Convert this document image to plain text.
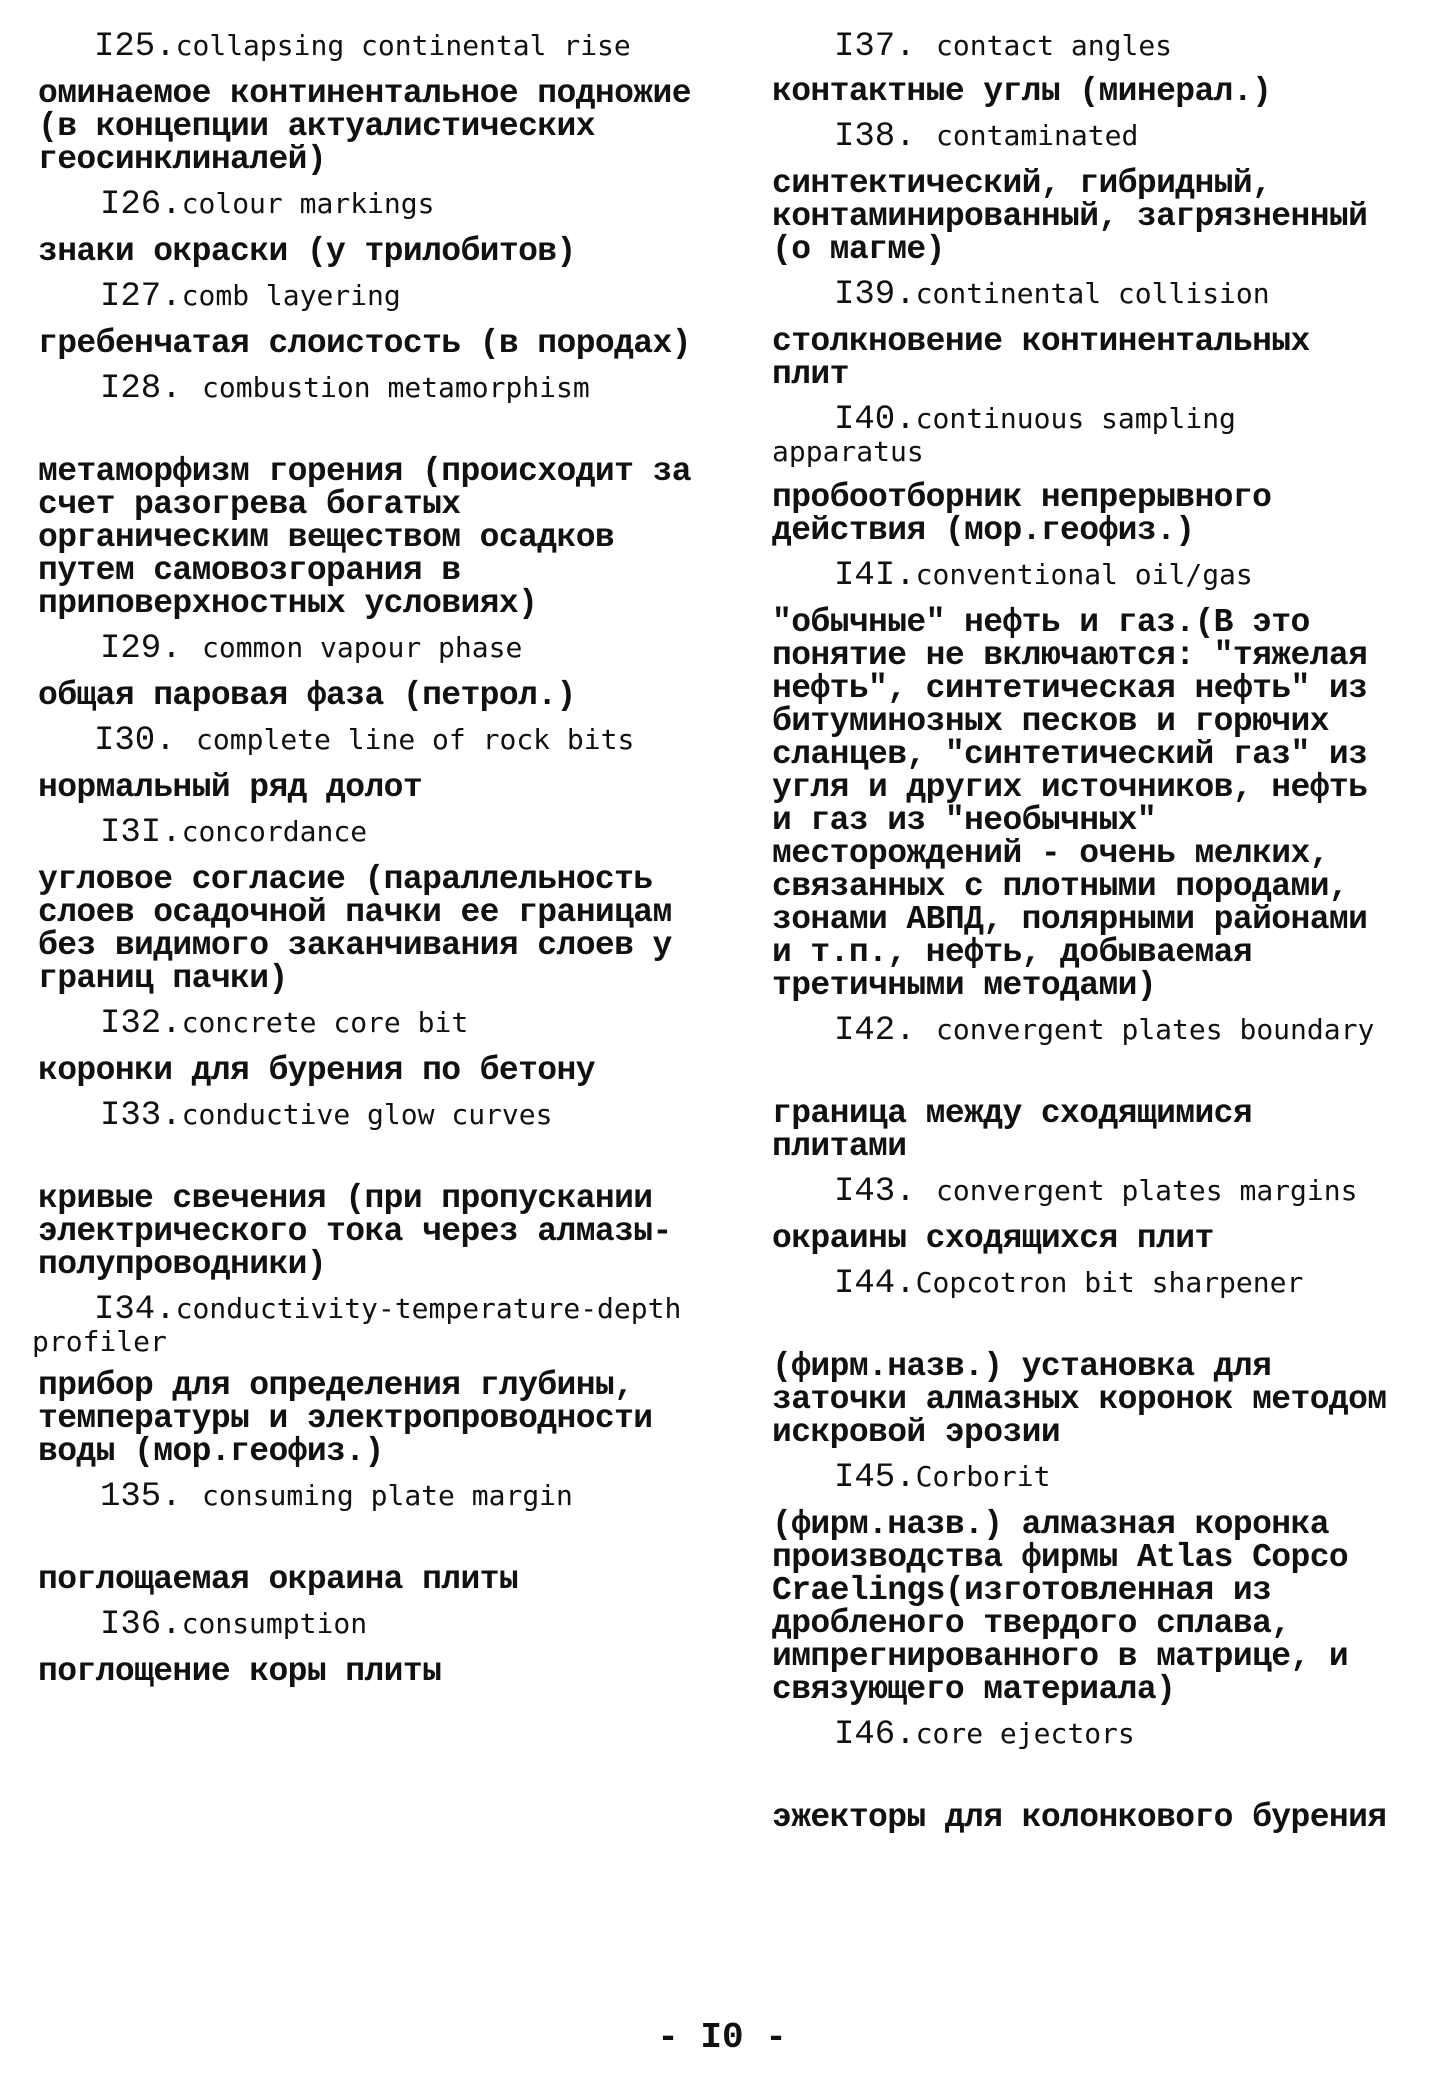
I25.collapsing continental rise

оминаемое континентальное подножие (в концепции актуалистических геосинклиналей)

I26.colour markings

знаки окраски (у трилобитов)

I27.comb layering

гребенчатая слоистость (в породах)

I28. combustion metamorphism

метаморфизм горения (происходит за счет разогрева богатых органическим веществом осадков путем самовозгорания в приповерхностных условиях)

I29. common vapour phase

общая паровая фаза (петрол.)

I30. complete line of rock bits

нормальный ряд долот

I3I.concordance

угловое согласие (параллельность слоев осадочной пачки ее границам без видимого заканчивания слоев у границ пачки)

I32.concrete core bit

коронки для бурения по бетону

I33.conductive glow curves

кривые свечения (при пропускании электрического тока через алмазы-полупроводники)

I34.conductivity-temperature-depth profiler

прибор для определения глубины, температуры и электропроводности воды (мор.геофиз.)

135. consuming plate margin

поглощаемая окраина плиты

I36.consumption

поглощение коры плиты

I37. contact angles

контактные углы (минерал.)

I38. contaminated

синтектический, гибридный, контаминированный, загрязненный (о магме)

I39.continental collision

столкновение континентальных плит

I40.continuous sampling apparatus

пробоотборник непрерывного действия (мор.геофиз.)

I4I.conventional oil/gas

"обычные" нефть и газ.(В это понятие не включаются: "тяжелая нефть", синтетическая нефть" из битуминозных песков и горючих сланцев, "синтетический газ" из угля и других источников, нефть и газ из "необычных" месторождений - очень мелких, связанных с плотными породами, зонами АВПД, полярными районами и т.п., нефть, добываемая третичными методами)

I42. convergent plates boundary

граница между сходящимися плитами

I43. convergent plates margins

окраины сходящихся плит

I44.Copcotron bit sharpener

(фирм.назв.) установка для заточки алмазных коронок методом искровой эрозии

I45.Corborit

(фирм.назв.) алмазная коронка производства фирмы Atlas Copco Craelings(изготовленная из дробленого твердого сплава, импрегнированного в матрице, и связующего материала)

I46.core ejectors

эжекторы для колонкового бурения

- I0 -
